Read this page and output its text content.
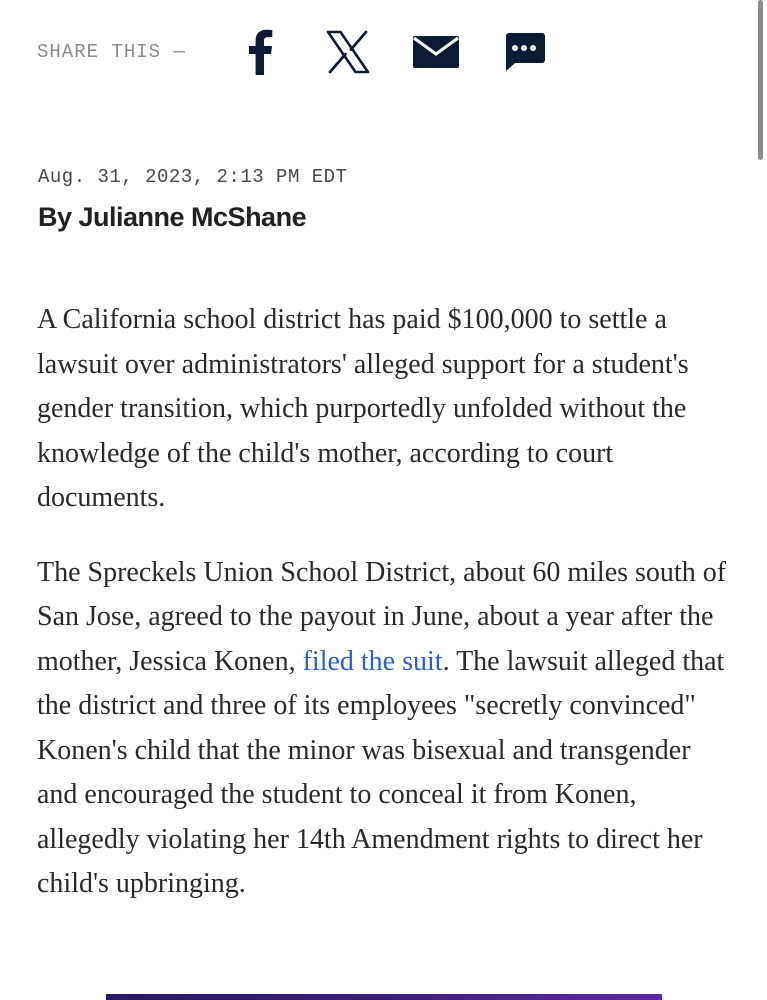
SHARE THIS —
Aug. 31, 2023, 2:13 PM EDT
By Julianne McShane

A California school district has paid $100,000 to settle a lawsuit over administrators' alleged support for a student's gender transition, which purportedly unfolded without the knowledge of the child's mother, according to court documents.

The Spreckels Union School District, about 60 miles south of San Jose, agreed to the payout in June, about a year after the mother, Jessica Konen, filed the suit. The lawsuit alleged that the district and three of its employees "secretly convinced" Konen's child that the minor was bisexual and transgender and encouraged the student to conceal it from Konen, allegedly violating her 14th Amendment rights to direct her child's upbringing.
